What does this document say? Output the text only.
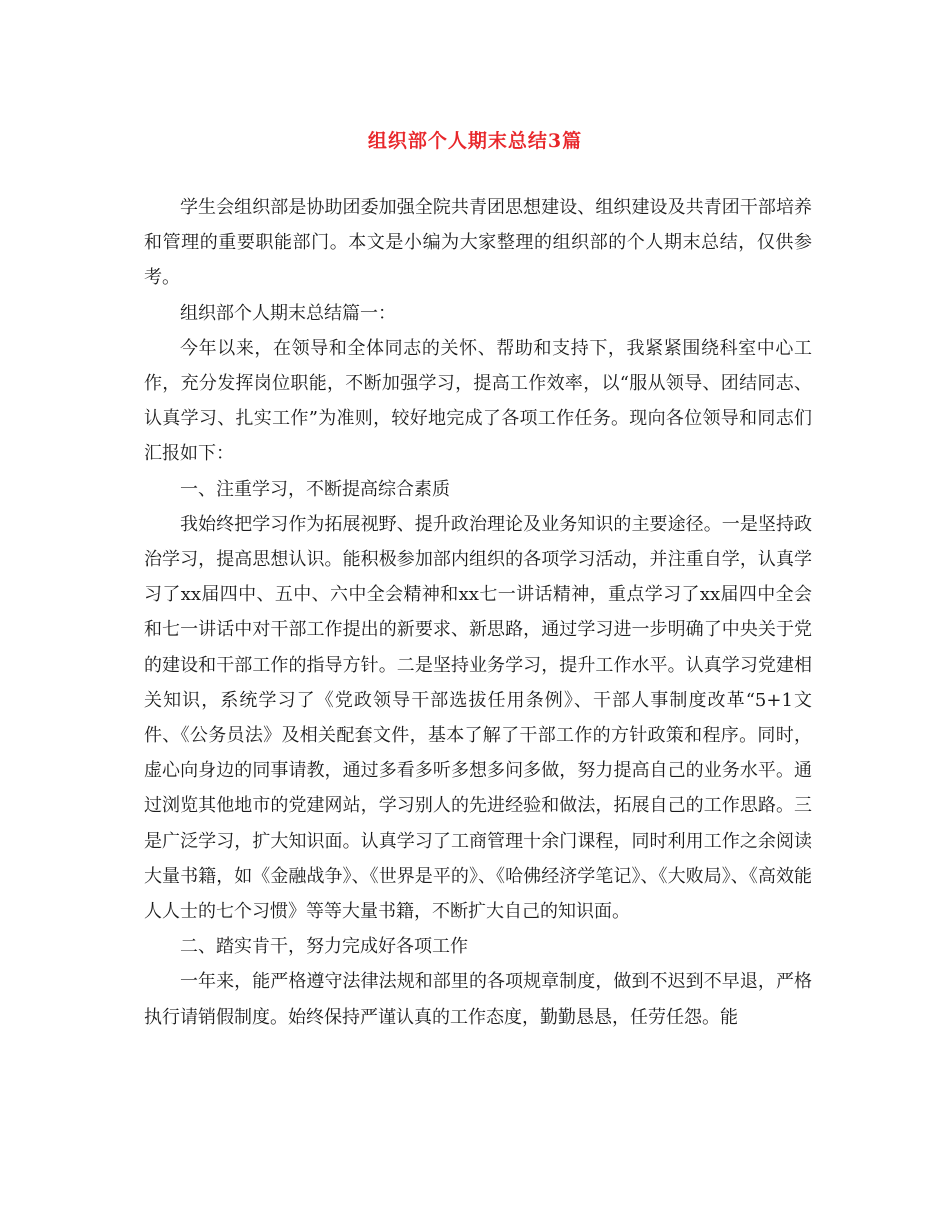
组织部个人期末总结3篇

学生会组织部是协助团委加强全院共青团思想建设、组织建设及共青团干部培养和管理的重要职能部门。本文是小编为大家整理的组织部的个人期末总结，仅供参考。

组织部个人期末总结篇一：

今年以来，在领导和全体同志的关怀、帮助和支持下，我紧紧围绕科室中心工作，充分发挥岗位职能，不断加强学习，提高工作效率，以“服从领导、团结同志、认真学习、扎实工作”为准则，较好地完成了各项工作任务。现向各位领导和同志们汇报如下：

一、注重学习，不断提高综合素质

我始终把学习作为拓展视野、提升政治理论及业务知识的主要途径。一是坚持政治学习，提高思想认识。能积极参加部内组织的各项学习活动，并注重自学，认真学习了xx届四中、五中、六中全会精神和xx七一讲话精神，重点学习了xx届四中全会和七一讲话中对干部工作提出的新要求、新思路，通过学习进一步明确了中央关于党的建设和干部工作的指导方针。二是坚持业务学习，提升工作水平。认真学习党建相关知识，系统学习了《党政领导干部选拔任用条例》、干部人事制度改革“5+1文件、《公务员法》及相关配套文件，基本了解了干部工作的方针政策和程序。同时，虚心向身边的同事请教，通过多看多听多想多问多做，努力提高自己的业务水平。通过浏览其他地市的党建网站，学习别人的先进经验和做法，拓展自己的工作思路。三是广泛学习，扩大知识面。认真学习了工商管理十余门课程，同时利用工作之余阅读大量书籍，如《金融战争》、《世界是平的》、《哈佛经济学笔记》、《大败局》、《高效能人人士的七个习惯》等等大量书籍，不断扩大自己的知识面。

二、踏实肯干，努力完成好各项工作

一年来，能严格遵守法律法规和部里的各项规章制度，做到不迟到不早退，严格执行请销假制度。始终保持严谨认真的工作态度，勤勤恳恳，任劳任怨。能
